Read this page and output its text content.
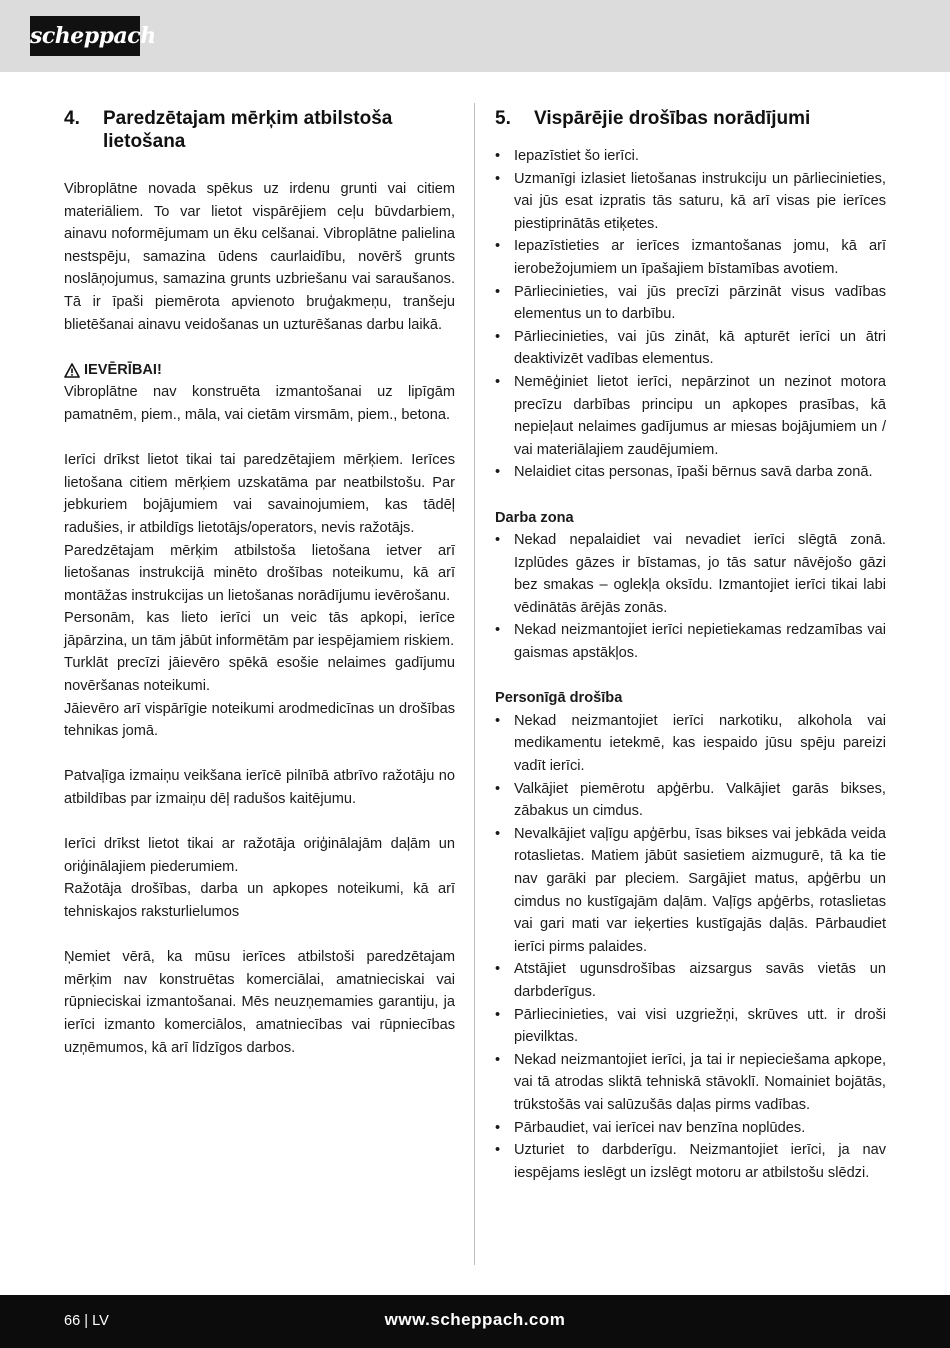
scheppach
4.	Paredzētajam mērķim atbilstoša lietošana

Vibroplātne novada spēkus uz irdenu grunti vai citiem materiāliem. To var lietot vispārējiem ceļu būvdarbiem, ainavu noformējumam un ēku celšanai. Vibroplātne palielina nestspēju, samazina ūdens caurlaidību, novērš grunts noslāņojumus, samazina grunts uzbriešanu vai saraušanos. Tā ir īpaši piemērota apvienoto bruģakmeņu, tranšeju blietēšanai ainavu veidošanas un uzturēšanas darbu laikā.

IEVĒRĪBAI!

Vibroplātne nav konstruēta izmantošanai uz lipīgām pamatnēm, piem., māla, vai cietām virsmām, piem., betona.

Ierīci drīkst lietot tikai tai paredzētajiem mērķiem. Ierīces lietošana citiem mērķiem uzskatāma par neatbilstošu. Par jebkuriem bojājumiem vai savainojumiem, kas tādēļ radušies, ir atbildīgs lietotājs/operators, nevis ražotājs.

Paredzētajam mērķim atbilstoša lietošana ietver arī lietošanas instrukcijā minēto drošības noteikumu, kā arī montāžas instrukcijas un lietošanas norādījumu ievērošanu.

Personām, kas lieto ierīci un veic tās apkopi, ierīce jāpārzina, un tām jābūt informētām par iespējamiem riskiem.

Turklāt precīzi jāievēro spēkā esošie nelaimes gadījumu novēršanas noteikumi.

Jāievēro arī vispārīgie noteikumi arodmedicīnas un drošības tehnikas jomā.

Patvaļīga izmaiņu veikšana ierīcē pilnībā atbrīvo ražotāju no atbildības par izmaiņu dēļ radušos kaitējumu.

Ierīci drīkst lietot tikai ar ražotāja oriģinālajām daļām un oriģinālajiem piederumiem.

Ražotāja drošības, darba un apkopes noteikumi, kā arī tehniskajos raksturlielumos

Ņemiet vērā, ka mūsu ierīces atbilstoši paredzētajam mērķim nav konstruētas komerciālai, amatnieciskai vai rūpnieciskai izmantošanai. Mēs neuzņemamies garantiju, ja ierīci izmanto komerciālos, amatniecības vai rūpniecības uzņēmumos, kā arī līdzīgos darbos.

5.	Vispārējie drošības norādījumi
• Iepazīstiet šo ierīci.
• Uzmanīgi izlasiet lietošanas instrukciju un pārliecinieties, vai jūs esat izpratis tās saturu, kā arī visas pie ierīces piestiprinātās etiķetes.
• Iepazīstieties ar ierīces izmantošanas jomu, kā arī ierobežojumiem un īpašajiem bīstamības avotiem.
• Pārliecinieties, vai jūs precīzi pārzināt visus vadības elementus un to darbību.
• Pārliecinieties, vai jūs zināt, kā apturēt ierīci un ātri deaktivizēt vadības elementus.
• Nemēģiniet lietot ierīci, nepārzinot un nezinot motora precīzu darbības principu un apkopes prasības, kā nepieļaut nelaimes gadījumus ar miesas bojājumiem un / vai materiālajiem zaudējumiem.
• Nelaidiet citas personas, īpaši bērnus savā darba zonā.
Darba zona
• Nekad nepalaidiet vai nevadiet ierīci slēgtā zonā. Izplūdes gāzes ir bīstamas, jo tās satur nāvējošo gāzi bez smakas – oglekļa oksīdu. Izmantojiet ierīci tikai labi vēdinātās ārējās zonās.
• Nekad neizmantojiet ierīci nepietiekamas redzamības vai gaismas apstākļos.
Personīgā drošība
• Nekad neizmantojiet ierīci narkotiku, alkohola vai medikamentu ietekmē, kas iespaido jūsu spēju pareizi vadīt ierīci.
• Valkājiet piemērotu apģērbu. Valkājiet garās bikses, zābakus un cimdus.
• Nevalkājiet vaļīgu apģērbu, īsas bikses vai jebkāda veida rotaslietas. Matiem jābūt sasietiem aizmugurē, tā ka tie nav garāki par pleciem. Sargājiet matus, apģērbu un cimdus no kustīgajām daļām. Vaļīgs apģērbs, rotaslietas vai gari mati var ieķerties kustīgajās daļās. Pārbaudiet ierīci pirms palaides.
• Atstājiet ugunsdrošības aizsargus savās vietās un darbderīgus.
• Pārliecinieties, vai visi uzgriežņi, skrūves utt. ir droši pievilktas.
• Nekad neizmantojiet ierīci, ja tai ir nepieciešama apkope, vai tā atrodas sliktā tehniskā stāvoklī. Nomainiet bojātās, trūkstošās vai salūzušās daļas pirms vadības.
• Pārbaudiet, vai ierīcei nav benzīna noplūdes.
• Uzturiet to darbderīgu. Neizmantojiet ierīci, ja nav iespējams ieslēgt un izslēgt motoru ar atbilstošu slēdzi.
66 | LV	www.scheppach.com
